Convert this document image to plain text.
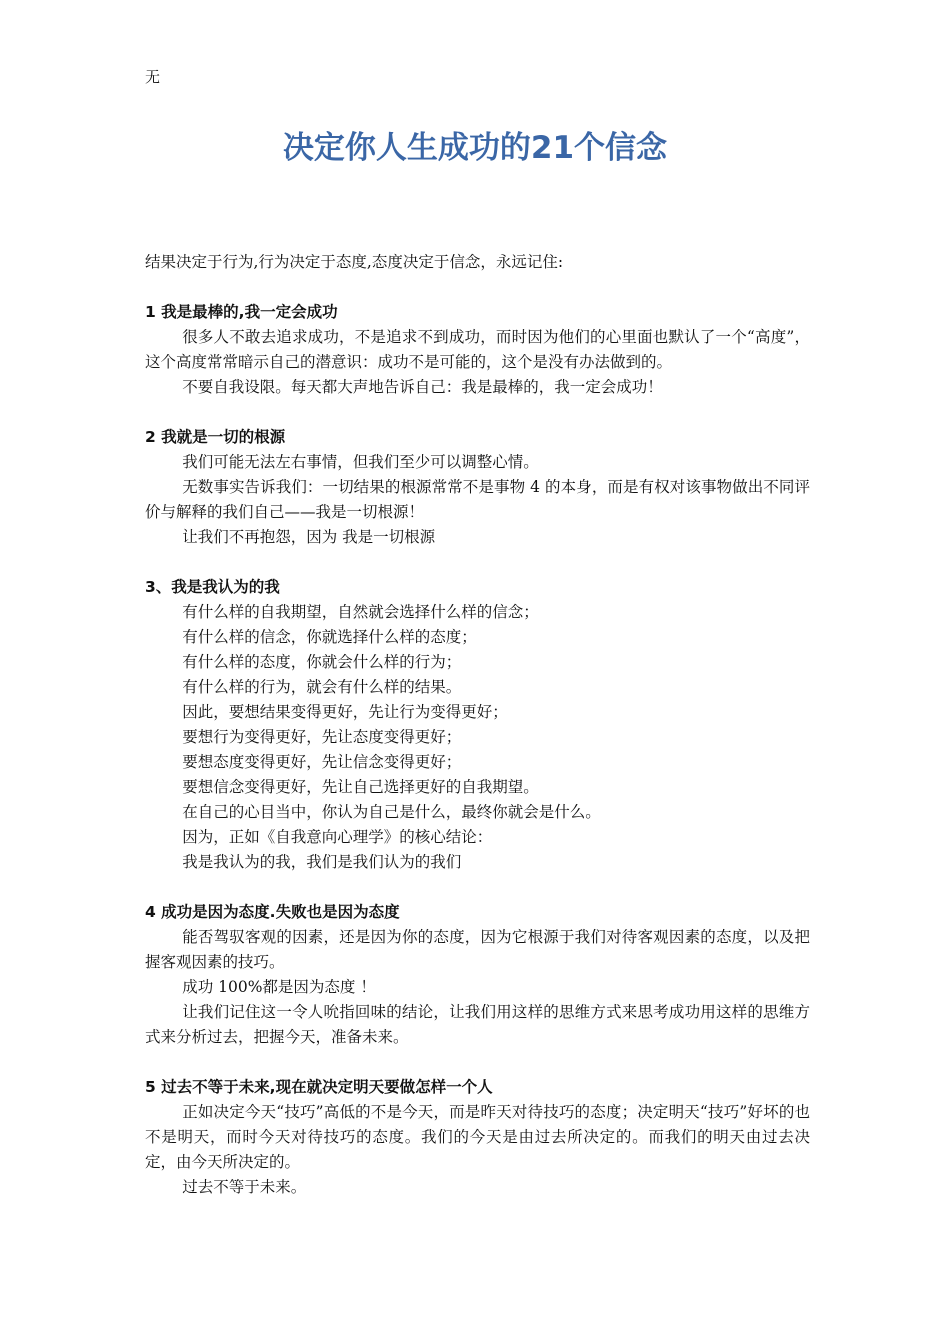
无
决定你人生成功的21个信念

结果决定于行为,行为决定于态度,态度决定于信念，永远记住:

1 我是最棒的,我一定会成功

很多人不敢去追求成功，不是追求不到成功，而时因为他们的心里面也默认了一个“高度”，这个高度常常暗示自己的潜意识：成功不是可能的，这个是没有办法做到的。

不要自我设限。每天都大声地告诉自己：我是最棒的，我一定会成功！

2 我就是一切的根源

我们可能无法左右事情，但我们至少可以调整心情。

无数事实告诉我们：一切结果的根源常常不是事物 4 的本身，而是有权对该事物做出不同评价与解释的我们自己——我是一切根源！

让我们不再抱怨，因为 我是一切根源

3、我是我认为的我

有什么样的自我期望，自然就会选择什么样的信念；

有什么样的信念，你就选择什么样的态度；

有什么样的态度，你就会什么样的行为；

有什么样的行为，就会有什么样的结果。

因此，要想结果变得更好，先让行为变得更好；

要想行为变得更好，先让态度变得更好；

要想态度变得更好，先让信念变得更好；

要想信念变得更好，先让自己选择更好的自我期望。

在自己的心目当中，你认为自己是什么，最终你就会是什么。

因为，正如《自我意向心理学》的核心结论：

我是我认为的我，我们是我们认为的我们

4 成功是因为态度.失败也是因为态度

能否驾驭客观的因素，还是因为你的态度，因为它根源于我们对待客观因素的态度，以及把握客观因素的技巧。

成功 100%都是因为态度 ！

让我们记住这一令人吮指回味的结论，让我们用这样的思维方式来思考成功用这样的思维方式来分析过去，把握今天，准备未来。

5 过去不等于未来,现在就决定明天要做怎样一个人

正如决定今天“技巧”高低的不是今天，而是昨天对待技巧的态度；决定明天“技巧”好坏的也不是明天，而时今天对待技巧的态度。我们的今天是由过去所决定的。而我们的明天由过去决定，由今天所决定的。

过去不等于未来。
